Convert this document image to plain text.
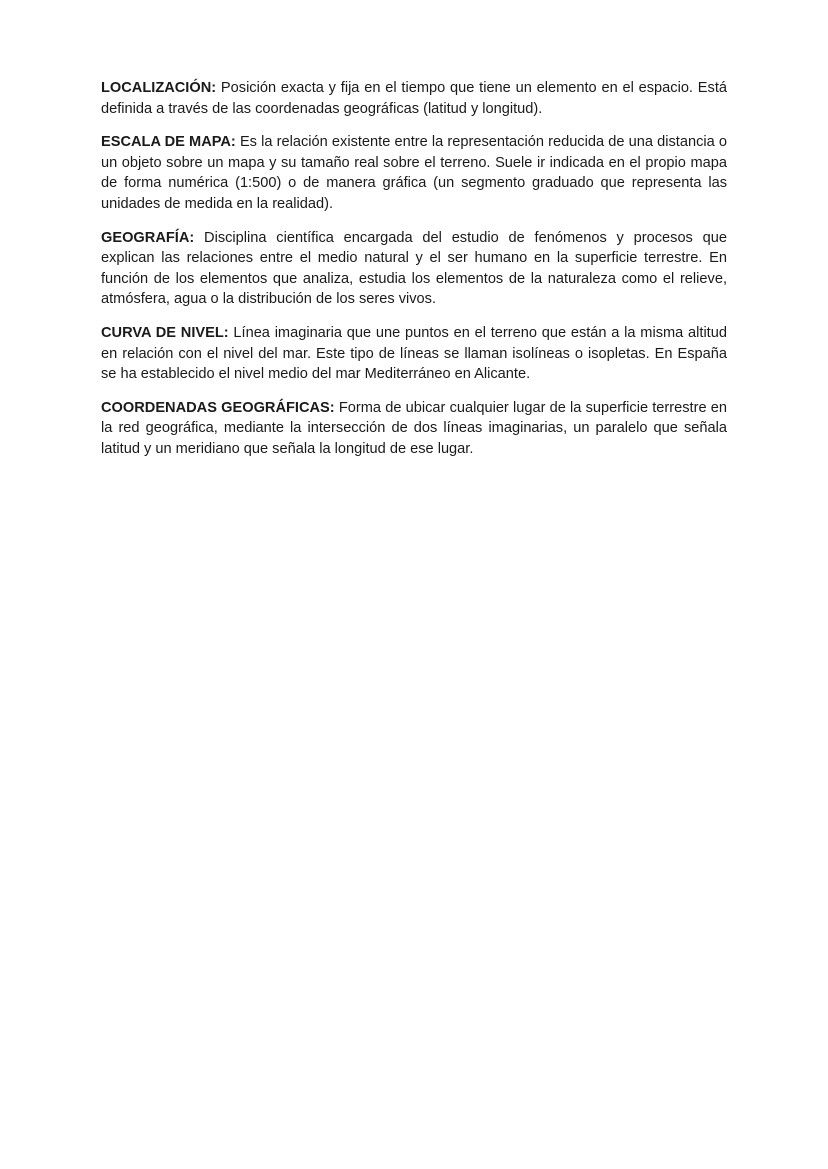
LOCALIZACIÓN: Posición exacta y fija en el tiempo que tiene un elemento en el espacio. Está definida a través de las coordenadas geográficas (latitud y longitud).

ESCALA DE MAPA: Es la relación existente entre la representación reducida de una distancia o un objeto sobre un mapa y su tamaño real sobre el terreno. Suele ir indicada en el propio mapa de forma numérica (1:500) o de manera gráfica (un segmento graduado que representa las unidades de medida en la realidad).

GEOGRAFÍA: Disciplina científica encargada del estudio de fenómenos y procesos que explican las relaciones entre el medio natural y el ser humano en la superficie terrestre. En función de los elementos que analiza, estudia los elementos de la naturaleza como el relieve, atmósfera, agua o la distribución de los seres vivos.

CURVA DE NIVEL: Línea imaginaria que une puntos en el terreno que están a la misma altitud en relación con el nivel del mar. Este tipo de líneas se llaman isolíneas o isopletas. En España se ha establecido el nivel medio del mar Mediterráneo en Alicante.

COORDENADAS GEOGRÁFICAS: Forma de ubicar cualquier lugar de la superficie terrestre en la red geográfica, mediante la intersección de dos líneas imaginarias, un paralelo que señala latitud y un meridiano que señala la longitud de ese lugar.
